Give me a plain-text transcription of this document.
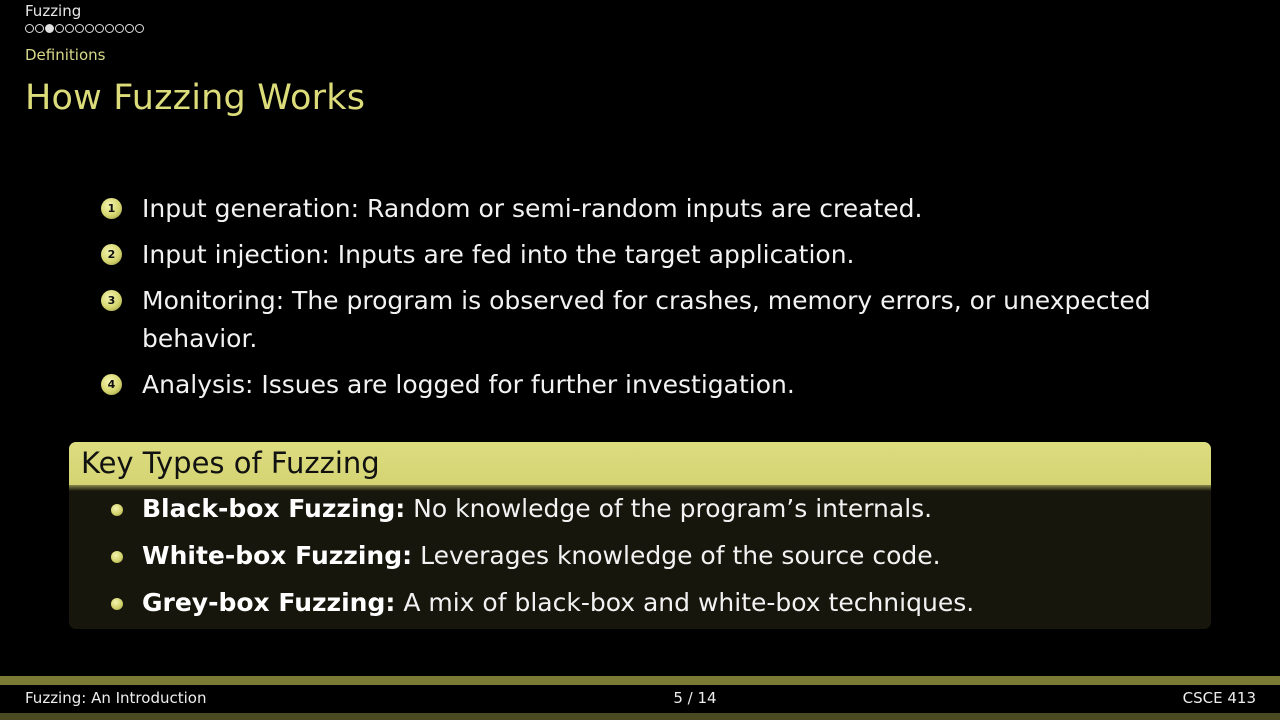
Fuzzing
Definitions
How Fuzzing Works
1 Input generation: Random or semi-random inputs are created.
2 Input injection: Inputs are fed into the target application.
3 Monitoring: The program is observed for crashes, memory errors, or unexpected behavior.
4 Analysis: Issues are logged for further investigation.
Key Types of Fuzzing
Black-box Fuzzing: No knowledge of the program’s internals.
White-box Fuzzing: Leverages knowledge of the source code.
Grey-box Fuzzing: A mix of black-box and white-box techniques.
Fuzzing: An Introduction	5 / 14	CSCE 413
